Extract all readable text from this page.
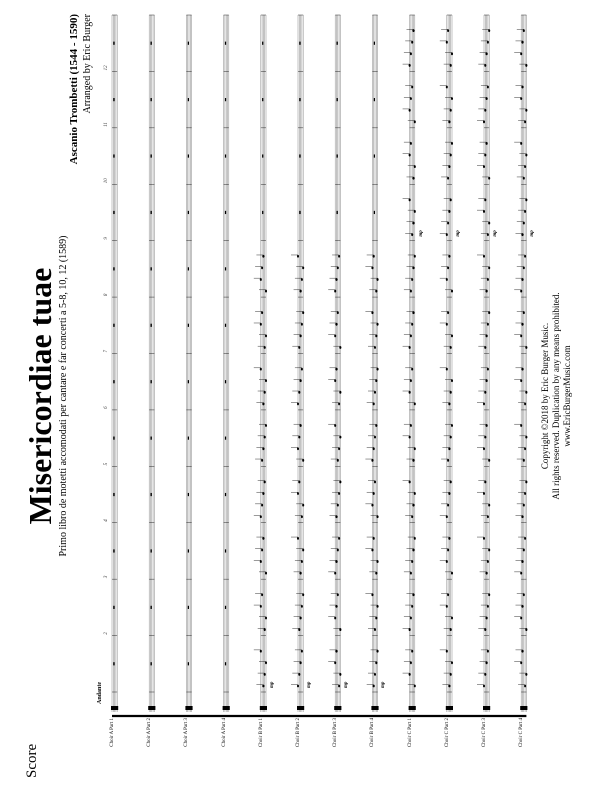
Score
Misericordiae tuae Primo libro de motetti accomodati per cantare e far concerti a 5-8, 10, 12 (1589)
Ascanio Trombetti (1544 - 1590) Arranged by Eric Burger
Andante
Choir A Part 1	Choir A Part 2	Choir A Part 3	Choir A Part 4	Choir B Part 1
mp
Choir B Part 2
mp
Choir B Part 3
mp
Choir B Part 4
mp
Choir C Part 1
mp
Choir C Part 2
mp
Choir C Part 3
mp
Choir C Part 4
mp
2
3
4
5
6
7
8
9
10
11
12
Copyright ©2018 by Eric Burger Music. All rights reserved. Duplication by any means prohibited. www.EricBurgerMusic.com
